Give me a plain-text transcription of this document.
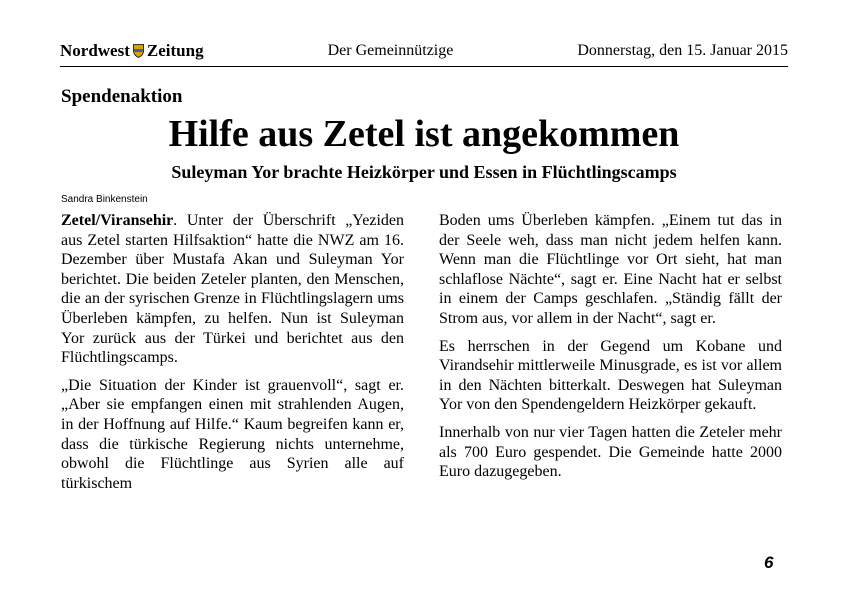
Nordwest Zeitung	Der Gemeinnützige	Donnerstag, den 15. Januar 2015
Spendenaktion
Hilfe aus Zetel ist angekommen
Suleyman Yor brachte Heizkörper und Essen in Flüchtlingscamps
Sandra Binkenstein

Zetel/Viransehir. Unter der Überschrift „Yeziden aus Zetel starten Hilfsaktion“ hatte die NWZ am 16. Dezember über Mustafa Akan und Suleyman Yor berichtet. Die beiden Zeteler planten, den Menschen, die an der syrischen Grenze in Flüchtlingslagern ums Überleben kämpfen, zu helfen. Nun ist Suleyman Yor zurück aus der Türkei und berichtet aus den Flüchtlingscamps.

„Die Situation der Kinder ist grauenvoll“, sagt er. „Aber sie empfangen einen mit strahlenden Augen, in der Hoffnung auf Hilfe.“ Kaum begreifen kann er, dass die türkische Regierung nichts unternehme, obwohl die Flüchtlinge aus Syrien alle auf türkischem

Boden ums Überleben kämpfen. „Einem tut das in der Seele weh, dass man nicht jedem helfen kann. Wenn man die Flüchtlinge vor Ort sieht, hat man schlaflose Nächte“, sagt er. Eine Nacht hat er selbst in einem der Camps geschlafen. „Ständig fällt der Strom aus, vor allem in der Nacht“, sagt er.

Es herrschen in der Gegend um Kobane und Virandsehir mittlerweile Minusgrade, es ist vor allem in den Nächten bitterkalt. Deswegen hat Suleyman Yor von den Spendengeldern Heizkörper gekauft.

Innerhalb von nur vier Tagen hatten die Zeteler mehr als 700 Euro gespendet. Die Gemeinde hatte 2000 Euro dazugegeben.

6
